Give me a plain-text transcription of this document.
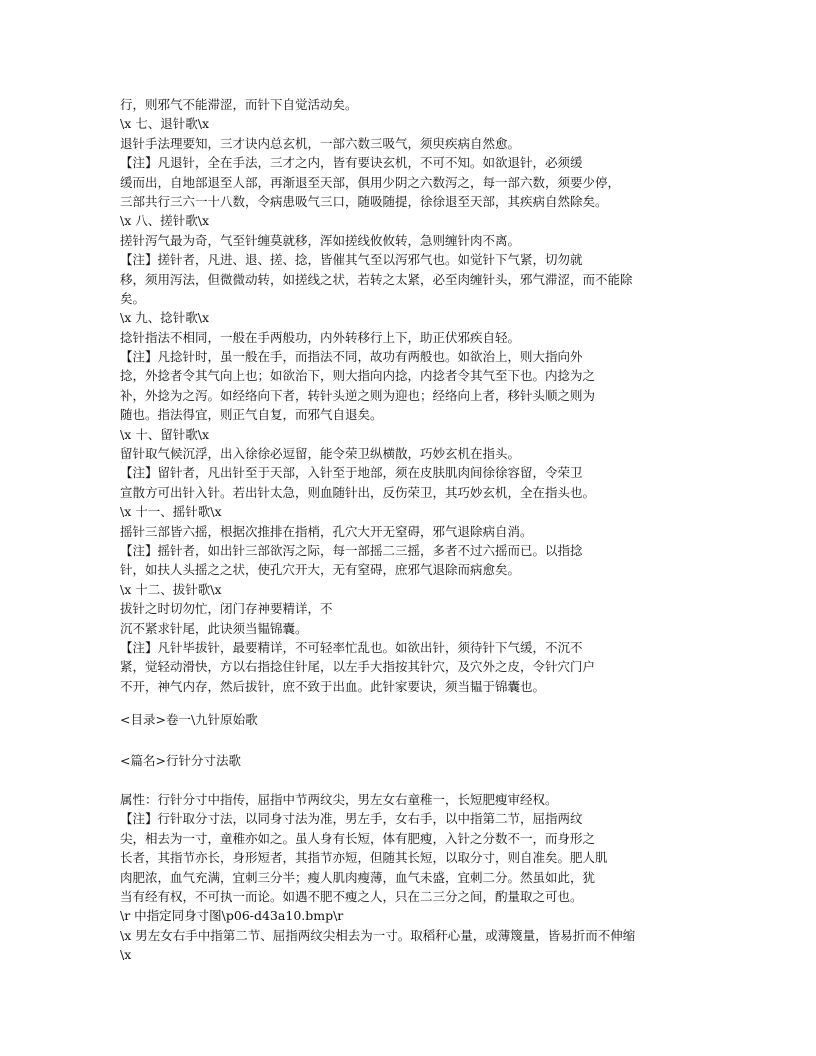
行，则邪气不能滞涩，而针下自觉活动矣。
\x 七、退针歌\x
退针手法理要知，三才诀内总玄机，一部六数三吸气，须臾疾病自然愈。
【注】凡退针，全在手法，三才之内，皆有要诀玄机，不可不知。如欲退针，必须缓
缓而出，自地部退至人部，再渐退至天部，俱用少阴之六数泻之，每一部六数，须要少停，
三部共行三六一十八数，令病患吸气三口，随吸随提，徐徐退至天部，其疾病自然除矣。
\x 八、搓针歌\x
搓针泻气最为奇，气至针缠莫就移，浑如搓线攸攸转，急则缠针肉不离。
【注】搓针者，凡进、退、搓、捻，皆催其气至以泻邪气也。如觉针下气紧，切勿就
移，须用泻法，但微微动转，如搓线之状，若转之太紧，必至肉缠针头，邪气滞涩，而不能除
矣。
\x 九、捻针歌\x
捻针指法不相同，一般在手两般功，内外转移行上下，助正伏邪疾自轻。
【注】凡捻针时，虽一般在手，而指法不同，故功有两般也。如欲治上，则大指向外
捻，外捻者令其气向上也；如欲治下，则大指向内捻，内捻者令其气至下也。内捻为之
补，外捻为之泻。如经络向下者，转针头逆之则为迎也；经络向上者，移针头顺之则为
随也。指法得宜，则正气自复，而邪气自退矣。
\x 十、留针歌\x
留针取气候沉浮，出入徐徐必逗留，能令荣卫纵横散，巧妙玄机在指头。
【注】留针者，凡出针至于天部，入针至于地部，须在皮肤肌肉间徐徐容留，令荣卫
宣散方可出针入针。若出针太急，则血随针出，反伤荣卫，其巧妙玄机，全在指头也。
\x 十一、摇针歌\x
摇针三部皆六摇，根据次推排在指梢，孔穴大开无窒碍，邪气退除病自消。
【注】摇针者，如出针三部欲泻之际，每一部摇二三摇，多者不过六摇而已。以指捻
针，如扶人头摇之之状，使孔穴开大，无有窒碍，庶邪气退除而病愈矣。
\x 十二、拔针歌\x
拔针之时切勿忙，闭门存神要精详，不
沉不紧求针尾，此诀须当韫锦囊。
【注】凡针毕拔针，最要精详，不可轻率忙乱也。如欲出针，须待针下气缓，不沉不
紧，觉轻动滑快，方以右指捻住针尾，以左手大指按其针穴，及穴外之皮，令针穴门户
不开，神气内存，然后拔针，庶不致于出血。此针家要诀，须当韫于锦囊也。
<目录>卷一\九针原始歌
<篇名>行针分寸法歌
属性：行针分寸中指传，屈指中节两纹尖，男左女右童稚一，长短肥瘦审经权。
【注】行针取分寸法，以同身寸法为准，男左手，女右手，以中指第二节，屈指两纹
尖，相去为一寸，童稚亦如之。虽人身有长短，体有肥瘦，入针之分数不一，而身形之
长者，其指节亦长，身形短者，其指节亦短，但随其长短，以取分寸，则自准矣。肥人肌
肉肥浓，血气充满，宜刺三分半；瘦人肌肉瘦薄，血气未盛，宜刺二分。然虽如此，犹
当有经有权，不可执一而论。如遇不肥不瘦之人，只在二三分之间，酌量取之可也。
\r 中指定同身寸图\p06-d43a10.bmp\r
\x 男左女右手中指第二节、屈指两纹尖相去为一寸。取稻秆心量，或薄篾量，皆易折而不伸缩
\x
